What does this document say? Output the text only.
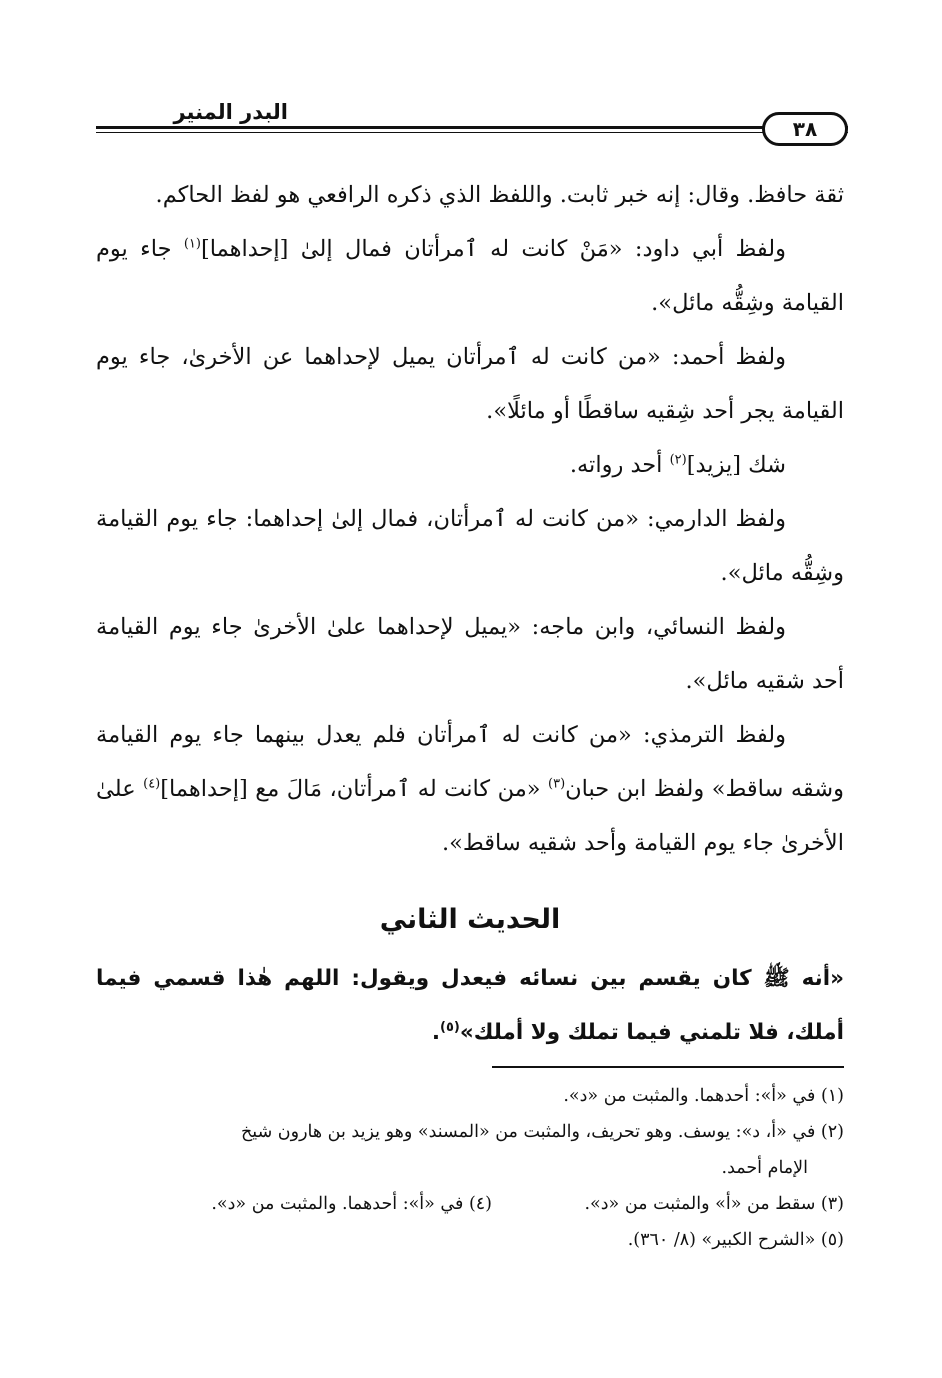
البدر المنير
٣٨

ثقة حافظ. وقال: إنه خبر ثابت. واللفظ الذي ذكره الرافعي هو لفظ الحاكم.

ولفظ أبي داود: «مَنْ كانت له ٱمرأتان فمال إلىٰ [إحداهما]$^{(١)}$ جاء يوم القيامة وشِقُّه مائل».

ولفظ أحمد: «من كانت له ٱمرأتان يميل لإحداهما عن الأخرىٰ، جاء يوم القيامة يجر أحد شِقيه ساقطًا أو مائلًا».

شك [يزيد]$^{(٢)}$ أحد رواته.

ولفظ الدارمي: «من كانت له ٱمرأتان، فمال إلىٰ إحداهما: جاء يوم القيامة وشِقُّه مائل».

ولفظ النسائي، وابن ماجه: «يميل لإحداهما علىٰ الأخرىٰ جاء يوم القيامة أحد شقيه مائل».

ولفظ الترمذي: «من كانت له ٱمرأتان فلم يعدل بينهما جاء يوم القيامة وشقه ساقط» ولفظ ابن حبان$^{(٣)}$ «من كانت له ٱمرأتان، مَالَ مع [إحداهما]$^{(٤)}$ علىٰ الأخرىٰ جاء يوم القيامة وأحد شقيه ساقط».

الحديث الثاني

«أنه ﷺ كان يقسم بين نسائه فيعدل ويقول: اللهم هٰذا قسمي فيما أملك، فلا تلمني فيما تملك ولا أملك»$^{(٥)}$.

(١) في «أ»: أحدهما. والمثبت من «د».

(٢) في «أ، د»: يوسف. وهو تحريف، والمثبت من «المسند» وهو يزيد بن هارون شيخ
الإمام أحمد.

(٣) سقط من «أ» والمثبت من «د».
(٤) في «أ»: أحدهما. والمثبت من «د».

(٥) «الشرح الكبير» (٨/ ٣٦٠).
